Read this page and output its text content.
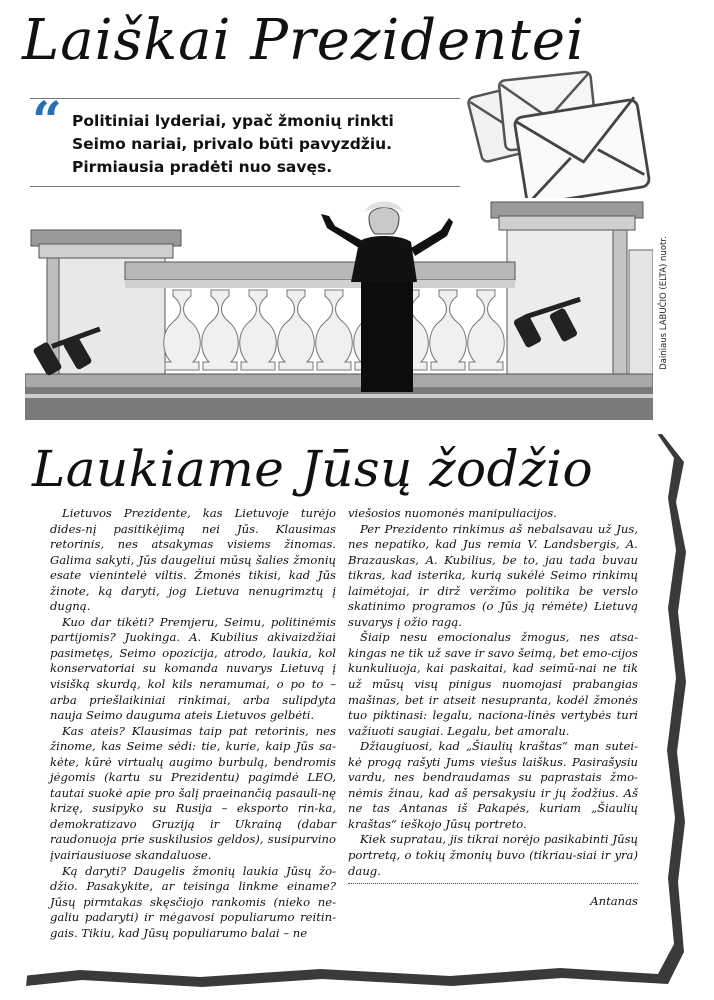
Laiškai Prezidentei
“ Politiniai lyderiai, ypač žmonių rinkti
Seimo nariai, privalo būti pavyzdžiu.
Pirmiausia pradėti nuo savęs.
Dainiaus LABUČIO (ELTA) nuotr.
Laukiame Jūsų žodžio

Lietuvos Prezidente, kas Lietuvoje turėjo dides-nį pasitikėjimą nei Jūs. Klausimas retorinis, nes atsakymas visiems žinomas. Galima sakyti, Jūs daugeliui mūsų šalies žmonių esate vienintelė viltis. Žmonės tikisi, kad Jūs žinote, ką daryti, jog Lietuva nenugrimztų į dugną.

Kuo dar tikėti? Premjeru, Seimu, politinėmis partijomis? Juokinga. A. Kubilius akivaizdžiai pasimetęs, Seimo opozicija, atrodo, laukia, kol konservatoriai su komanda nuvarys Lietuvą į visišką skurdą, kol kils neramumai, o po to – arba priešlaikiniai rinkimai, arba sulipdyta nauja Seimo dauguma ateis Lietuvos gelbėti.

Kas ateis? Klausimas taip pat retorinis, nes žinome, kas Seime sėdi: tie, kurie, kaip Jūs sa-kėte, kūrė virtualų augimo burbulą, bendromis jėgomis (kartu su Prezidentu) pagimdė LEO, tautai suokė apie pro šalį praeinančią pasauli-nę krizę, susipyko su Rusija – eksporto rin-ka, demokratizavo Gruziją ir Ukrainą (dabar raudonuoja prie suskilusios geldos), susipurvino įvairiausiuose skandaluose.

Ką daryti? Daugelis žmonių laukia Jūsų žo-džio. Pasakykite, ar teisinga linkme einame? Jūsų pirmtakas skęsčiojo rankomis (nieko ne-galiu padaryti) ir mėgavosi populiarumo reitin-gais. Tikiu, kad Jūsų populiarumo balai – ne

viešosios nuomonės manipuliacijos.

Per Prezidento rinkimus aš nebalsavau už Jus, nes nepatiko, kad Jus remia V. Landsbergis, A. Brazauskas, A. Kubilius, be to, jau tada buvau tikras, kad isterika, kurią sukėlė Seimo rinkimų laimėtojai, ir dirž veržimo politika be verslo skatinimo programos (o Jūs ją rėmėte) Lietuvą suvarys į ožio ragą.

Šiaip nesu emocionalus žmogus, nes atsa-kingas ne tik už save ir savo šeimą, bet emo-cijos kunkuliuoja, kai paskaitai, kad seimū-nai ne tik už mūsų visų pinigus nuomojasi prabangias mašinas, bet ir atseit nesupranta, kodėl žmonės tuo piktinasi: legalu, naciona-linės vertybės turi važiuoti saugiai. Legalu, bet amoralu.

Džiaugiuosi, kad „Šiaulių kraštas“ man sutei-kė progą rašyti Jums viešus laiškus. Pasirašysiu vardu, nes bendraudamas su paprastais žmo-nėmis žinau, kad aš persakysiu ir jų žodžius. Aš ne tas Antanas iš Pakapės, kuriam „Šiaulių kraštas“ ieškojo Jūsų portreto.

Kiek supratau, jis tikrai norėjo pasikabinti Jūsų portretą, o tokių žmonių buvo (tikriau-siai ir yra) daug.

Antanas
